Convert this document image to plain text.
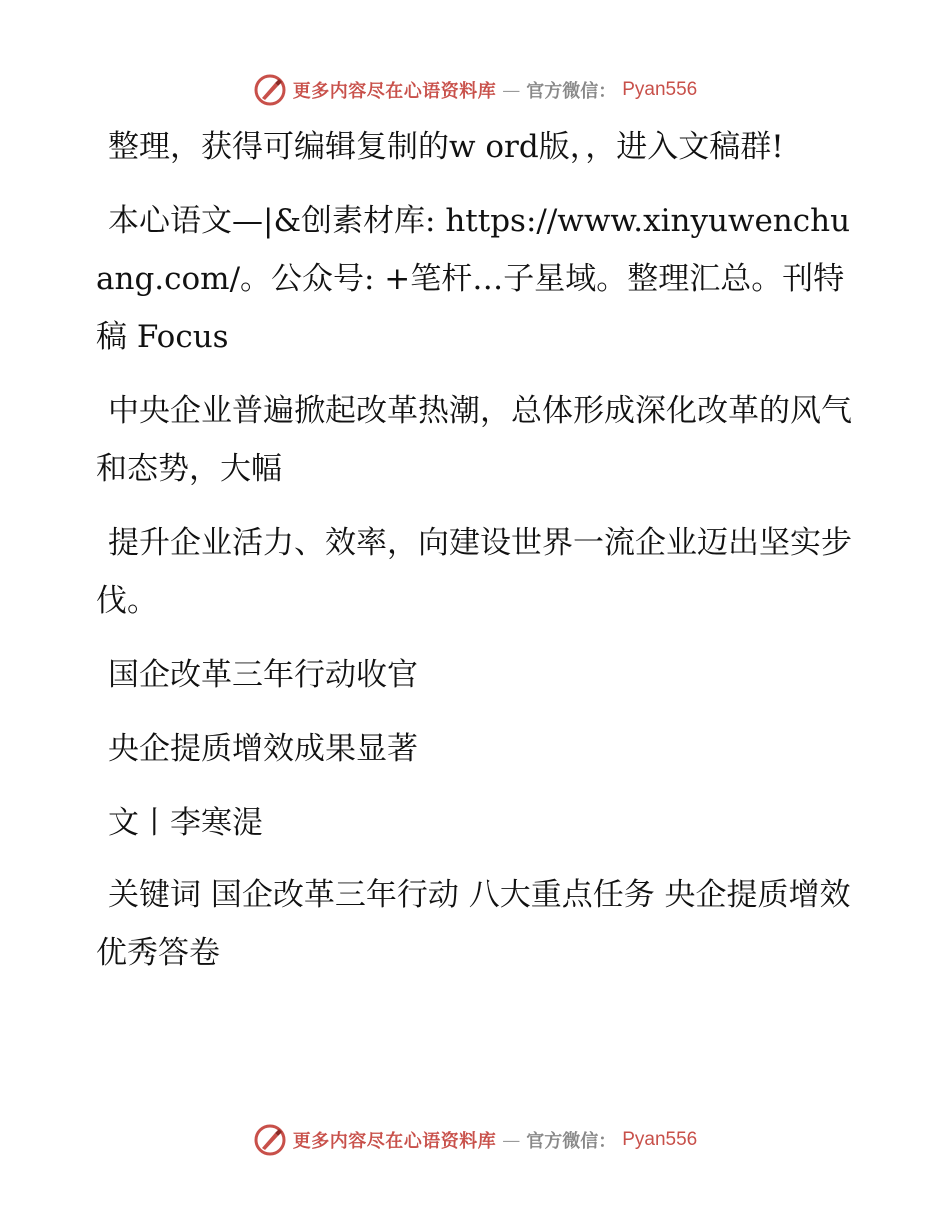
更多内容尽在心语资料库 — 官方微信： Pyan556

整理，获得可编辑复制的w ord版，，进入文稿群!

本心语文—|&创素材库: https://www.xinyuwenchuang.com/。公众号: +笔杆…子星域。整理汇总。刊特稿 Focus

中央企业普遍掀起改革热潮，总体形成深化改革的风气和态势，大幅

提升企业活力、效率，向建设世界一流企业迈出坚实步伐。

国企改革三年行动收官

央企提质增效成果显著

文丨李寒湜

关键词 国企改革三年行动 八大重点任务 央企提质增效 优秀答卷

更多内容尽在心语资料库 — 官方微信： Pyan556
